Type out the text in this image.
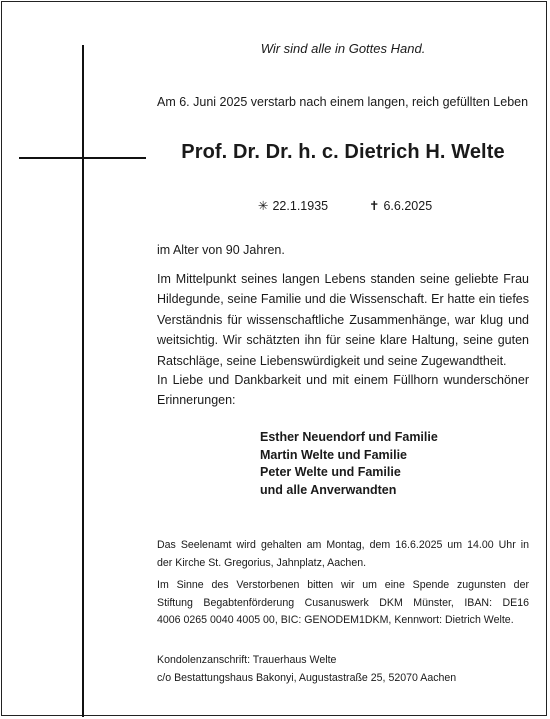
Wir sind alle in Gottes Hand.
Am 6. Juni 2025 verstarb nach einem langen, reich gefüllten Leben
Prof. Dr. Dr. h. c. Dietrich H. Welte
✳ 22.1.1935	✝ 6.6.2025
im Alter von 90 Jahren.
Im Mittelpunkt seines langen Lebens standen seine geliebte Frau
Hildegunde, seine Familie und die Wissenschaft. Er hatte ein tiefes
Verständnis für wissenschaftliche Zusammenhänge, war klug und
weitsichtig. Wir schätzten ihn für seine klare Haltung, seine guten
Ratschläge, seine Liebenswürdigkeit und seine Zugewandtheit.
In Liebe und Dankbarkeit und mit einem Füllhorn wunderschöner
Erinnerungen:
Esther Neuendorf und Familie
Martin Welte und Familie
Peter Welte und Familie
und alle Anverwandten
Das Seelenamt wird gehalten am Montag, dem 16.6.2025 um 14.00 Uhr in
der Kirche St. Gregorius, Jahnplatz, Aachen.
Im Sinne des Verstorbenen bitten wir um eine Spende zugunsten der
Stiftung Begabtenförderung Cusanuswerk DKM Münster, IBAN: DE16
4006 0265 0040 4005 00, BIC: GENODEM1DKM, Kennwort: Dietrich Welte.
Kondolenzanschrift: Trauerhaus Welte
c/o Bestattungshaus Bakonyi, Augustastraße 25, 52070 Aachen
